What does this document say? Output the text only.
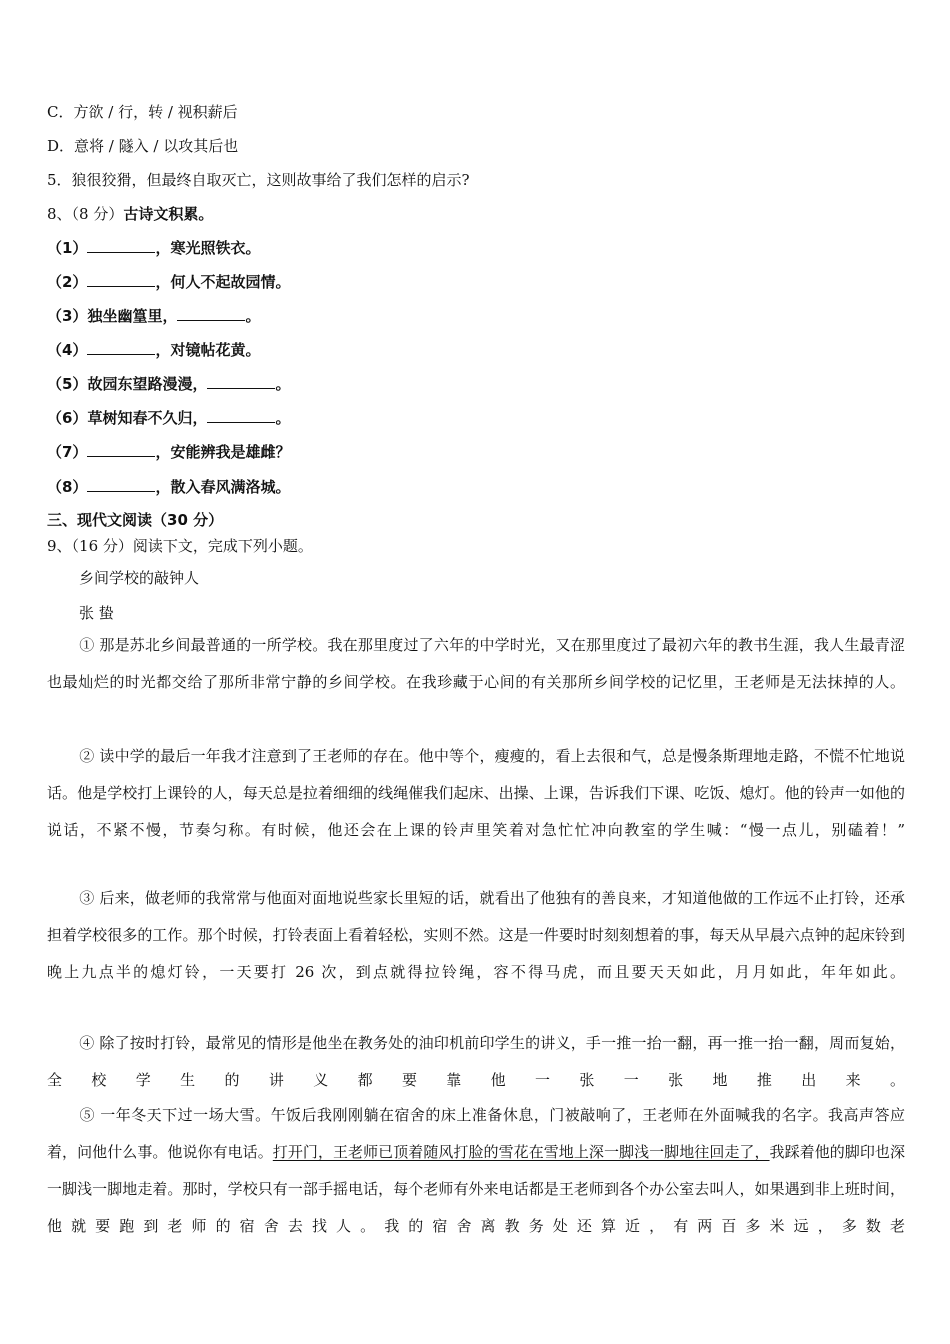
C．方欲 / 行，转 / 视积薪后
D．意将 / 隧入 / 以攻其后也
5．狼很狡猾，但最终自取灭亡，这则故事给了我们怎样的启示?
8、（8 分）古诗文积累。
（1）	，寒光照铁衣。
（2）	，何人不起故园情。
（3）独坐幽篁里，	。
（4）	，对镜帖花黄。
（5）故园东望路漫漫，	。
（6）草树知春不久归，	。
（7）	，安能辨我是雄雌？
（8）	，散入春风满洛城。
三、现代文阅读（30 分）
9、（16 分）阅读下文，完成下列小题。
乡间学校的敲钟人
张 蛰
① 那是苏北乡间最普通的一所学校。我在那里度过了六年的中学时光，又在那里度过了最初六年的教书生涯，我人生最青涩也最灿烂的时光都交给了那所非常宁静的乡间学校。在我珍藏于心间的有关那所乡间学校的记忆里，王老师是无法抹掉的人。
② 读中学的最后一年我才注意到了王老师的存在。他中等个，瘦瘦的，看上去很和气，总是慢条斯理地走路，不慌不忙地说话。他是学校打上课铃的人，每天总是拉着细细的线绳催我们起床、出操、上课，告诉我们下课、吃饭、熄灯。他的铃声一如他的说话，不紧不慢，节奏匀称。有时候，他还会在上课的铃声里笑着对急忙忙冲向教室的学生喊：“慢一点儿，别磕着！”
③ 后来，做老师的我常常与他面对面地说些家长里短的话，就看出了他独有的善良来，才知道他做的工作远不止打铃，还承担着学校很多的工作。那个时候，打铃表面上看着轻松，实则不然。这是一件要时时刻刻想着的事，每天从早晨六点钟的起床铃到晚上九点半的熄灯铃，一天要打 26 次，到点就得拉铃绳，容不得马虎，而且要天天如此，月月如此，年年如此。
④ 除了按时打铃，最常见的情形是他坐在教务处的油印机前印学生的讲义，手一推一抬一翻，再一推一抬一翻，周而复始，全校学生的讲义都要靠他一张一张地推出来。
⑤ 一年冬天下过一场大雪。午饭后我刚刚躺在宿舍的床上准备休息，门被敲响了，王老师在外面喊我的名字。我高声答应着，问他什么事。他说你有电话。打开门，王老师已顶着随风打脸的雪花在雪地上深一脚浅一脚地往回走了，我踩着他的脚印也深一脚浅一脚地走着。那时，学校只有一部手摇电话，每个老师有外来电话都是王老师到各个办公室去叫人，如果遇到非上班时间，他就要跑到老师的宿舍去找人。我的宿舍离教务处还算近，有两百多米远，多数老
